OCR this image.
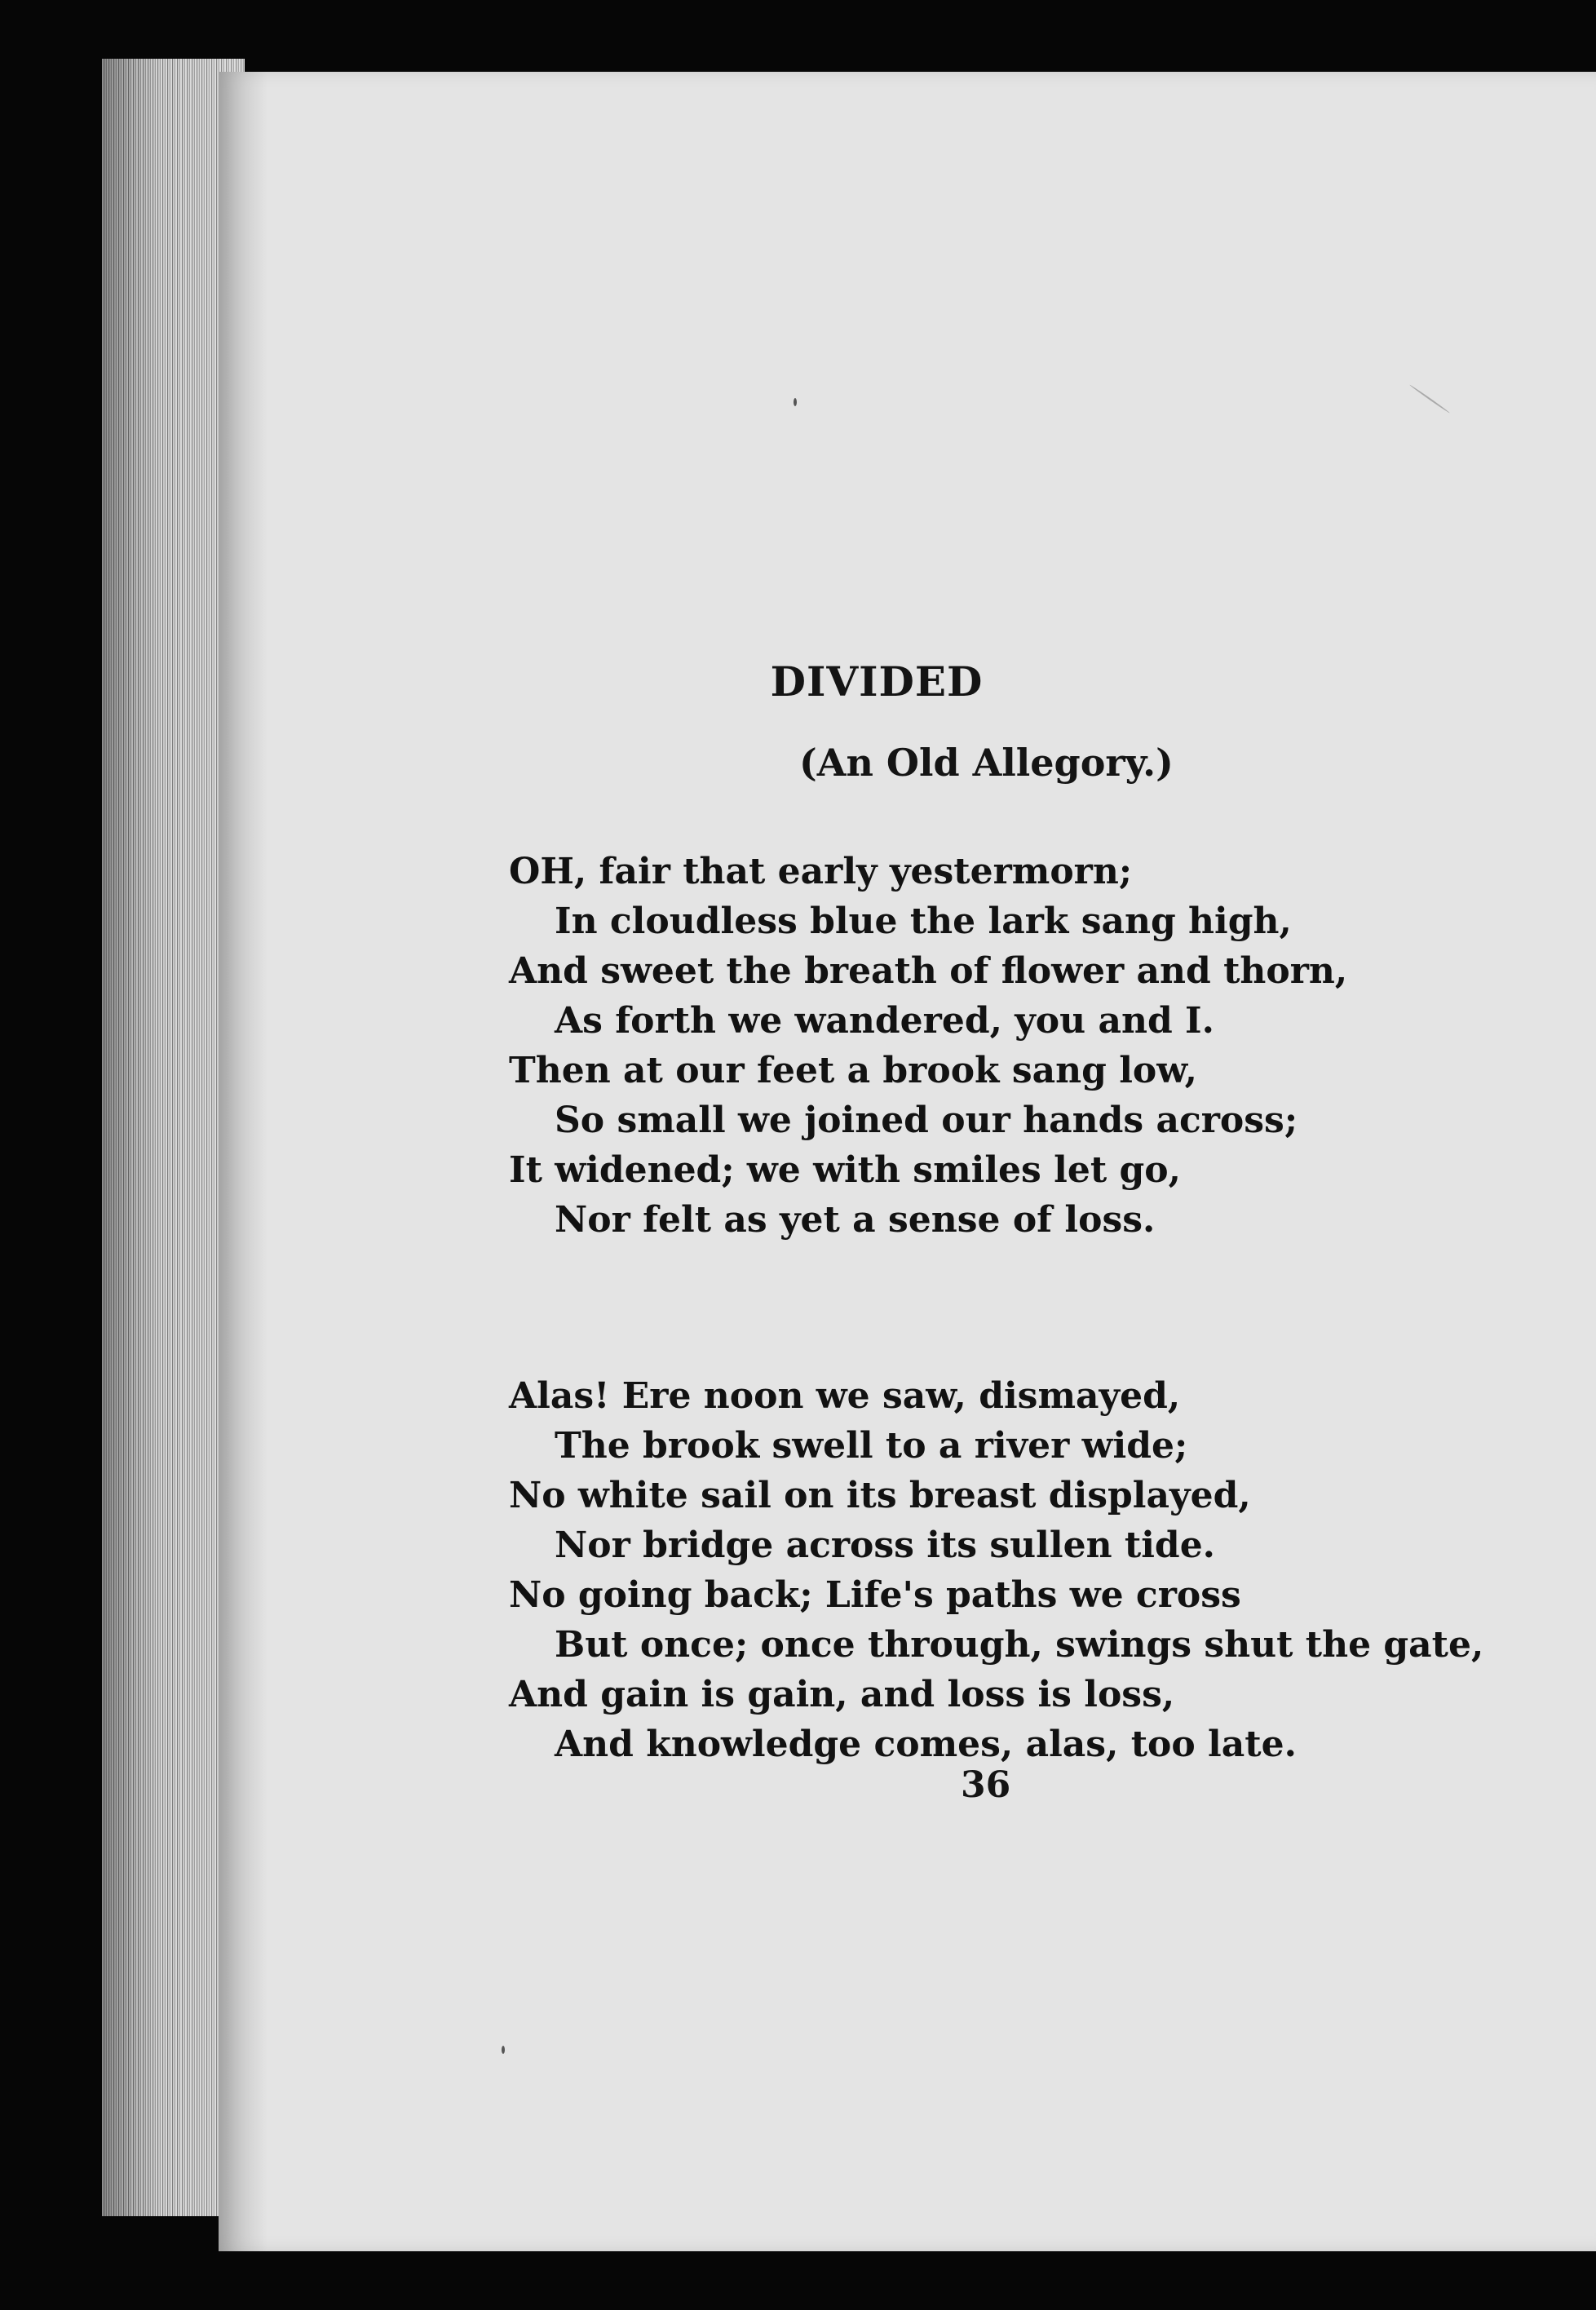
DIVIDED
(An Old Allegory.)
OH, fair that early yestermorn;
In cloudless blue the lark sang high,
And sweet the breath of flower and thorn,
As forth we wandered, you and I.
Then at our feet a brook sang low,
So small we joined our hands across;
It widened; we with smiles let go,
Nor felt as yet a sense of loss.
Alas! Ere noon we saw, dismayed,
The brook swell to a river wide;
No white sail on its breast displayed,
Nor bridge across its sullen tide.
No going back; Life's paths we cross
But once; once through, swings shut the gate,
And gain is gain, and loss is loss,
And knowledge comes, alas, too late.
36
